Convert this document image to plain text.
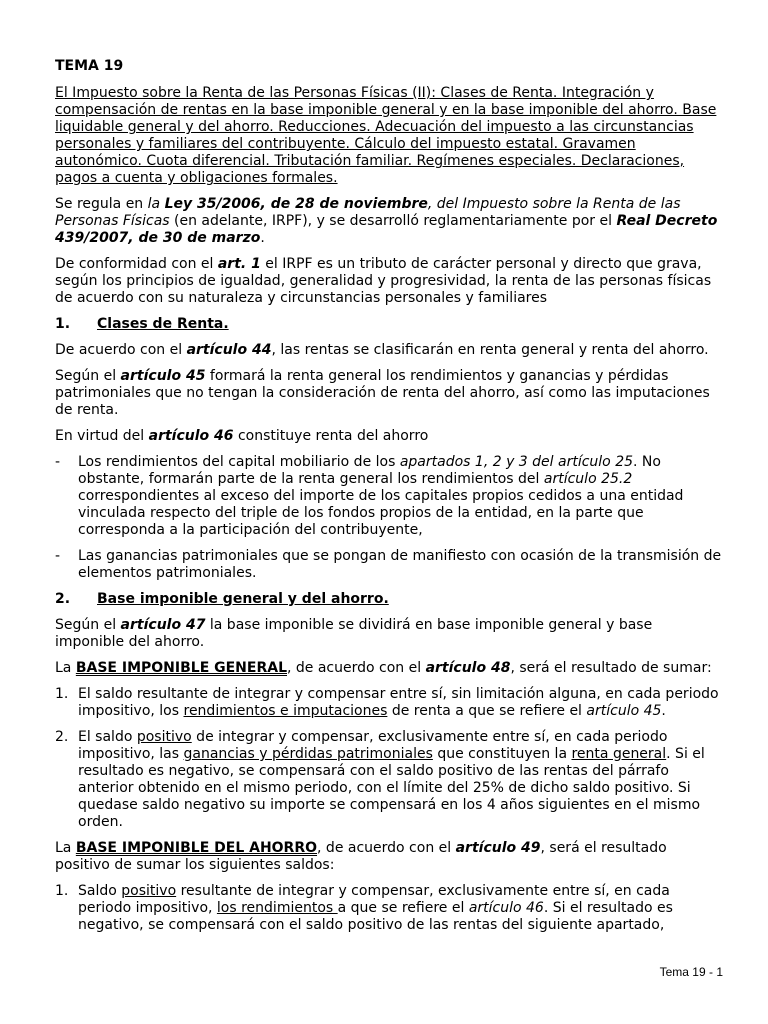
TEMA 19

El Impuesto sobre la Renta de las Personas Físicas (II): Clases de Renta. Integración y compensación de rentas en la base imponible general y en la base imponible del ahorro. Base liquidable general y del ahorro. Reducciones. Adecuación del impuesto a las circunstancias personales y familiares del contribuyente. Cálculo del impuesto estatal. Gravamen autonómico. Cuota diferencial. Tributación familiar. Regímenes especiales. Declaraciones, pagos a cuenta y obligaciones formales.

Se regula en la Ley 35/2006, de 28 de noviembre, del Impuesto sobre la Renta de las Personas Físicas (en adelante, IRPF), y se desarrolló reglamentariamente por el Real Decreto 439/2007, de 30 de marzo.

De conformidad con el art. 1 el IRPF es un tributo de carácter personal y directo que grava, según los principios de igualdad, generalidad y progresividad, la renta de las personas físicas de acuerdo con su naturaleza y circunstancias personales y familiares

1. Clases de Renta.

De acuerdo con el artículo 44, las rentas se clasificarán en renta general y renta del ahorro.

Según el artículo 45 formará la renta general los rendimientos y ganancias y pérdidas patrimoniales que no tengan la consideración de renta del ahorro, así como las imputaciones de renta.

En virtud del artículo 46 constituye renta del ahorro

- Los rendimientos del capital mobiliario de los apartados 1, 2 y 3 del artículo 25. No obstante, formarán parte de la renta general los rendimientos del artículo 25.2 correspondientes al exceso del importe de los capitales propios cedidos a una entidad vinculada respecto del triple de los fondos propios de la entidad, en la parte que corresponda a la participación del contribuyente,
- Las ganancias patrimoniales que se pongan de manifiesto con ocasión de la transmisión de elementos patrimoniales.
2. Base imponible general y del ahorro.

Según el artículo 47 la base imponible se dividirá en base imponible general y base imponible del ahorro.

La BASE IMPONIBLE GENERAL, de acuerdo con el artículo 48, será el resultado de sumar:

1. El saldo resultante de integrar y compensar entre sí, sin limitación alguna, en cada periodo impositivo, los rendimientos e imputaciones de renta a que se refiere el artículo 45.
2. El saldo positivo de integrar y compensar, exclusivamente entre sí, en cada periodo impositivo, las ganancias y pérdidas patrimoniales que constituyen la renta general. Si el resultado es negativo, se compensará con el saldo positivo de las rentas del párrafo anterior obtenido en el mismo periodo, con el límite del 25% de dicho saldo positivo. Si quedase saldo negativo su importe se compensará en los 4 años siguientes en el mismo orden.

La BASE IMPONIBLE DEL AHORRO, de acuerdo con el artículo 49, será el resultado positivo de sumar los siguientes saldos:

1. Saldo positivo resultante de integrar y compensar, exclusivamente entre sí, en cada periodo impositivo, los rendimientos a que se refiere el artículo 46. Si el resultado es negativo, se compensará con el saldo positivo de las rentas del siguiente apartado,
Tema 19 - 1
